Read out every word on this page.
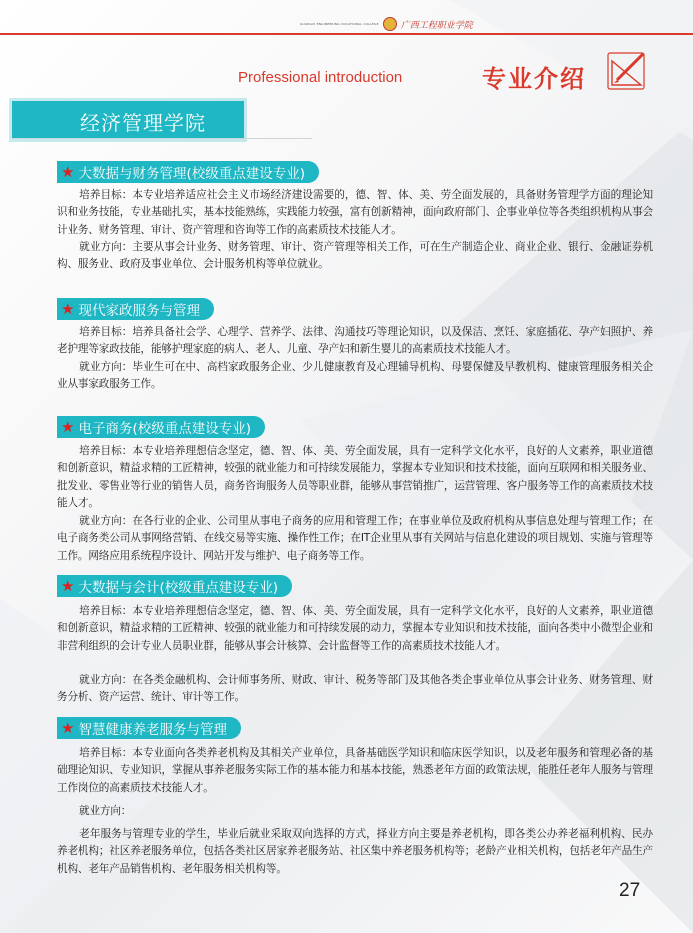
GUANGXI ENGINEERING VOCATIONAL COLLEGE 广西工程职业学院
Professional introduction	专业介绍
经济管理学院
★ 大数据与财务管理(校级重点建设专业)
培养目标：本专业培养适应社会主义市场经济建设需要的，德、智、体、美、劳全面发展的，具备财务管理学方面的理论知识和业务技能，专业基础扎实，基本技能熟练，实践能力较强，富有创新精神，面向政府部门、企事业单位等各类组织机构从事会计业务、财务管理、审计、资产管理和咨询等工作的高素质技术技能人才。
就业方向：主要从事会计业务、财务管理、审计、资产管理等相关工作，可在生产制造企业、商业企业、银行、金融证券机构、服务业、政府及事业单位、会计服务机构等单位就业。
★ 现代家政服务与管理
培养目标：培养具备社会学、心理学、营养学、法律、沟通技巧等理论知识，以及保洁、烹饪、家庭插花、孕产妇照护、养老护理等家政技能，能够护理家庭的病人、老人、儿童、孕产妇和新生婴儿的高素质技术技能人才。
就业方向：毕业生可在中、高档家政服务企业、少儿健康教育及心理辅导机构、母婴保健及早教机构、健康管理服务相关企业从事家政服务工作。
★ 电子商务(校级重点建设专业)
培养目标：本专业培养理想信念坚定，德、智、体、美、劳全面发展，具有一定科学文化水平，良好的人文素养，职业道德和创新意识，精益求精的工匠精神，较强的就业能力和可持续发展能力，掌握本专业知识和技术技能，面向互联网和相关服务业、批发业、零售业等行业的销售人员，商务咨询服务人员等职业群，能够从事营销推广，运营管理、客户服务等工作的高素质技术技能人才。
就业方向：在各行业的企业、公司里从事电子商务的应用和管理工作；在事业单位及政府机构从事信息处理与管理工作；在电子商务类公司从事网络营销、在线交易等实施、操作性工作；在IT企业里从事有关网站与信息化建设的项目规划、实施与管理等工作。网络应用系统程序设计、网站开发与维护、电子商务等工作。
★ 大数据与会计(校级重点建设专业)
培养目标：本专业培养理想信念坚定，德、智、体、美、劳全面发展，具有一定科学文化水平，良好的人文素养，职业道德和创新意识，精益求精的工匠精神、较强的就业能力和可持续发展的动力，掌握本专业知识和技术技能，面向各类中小微型企业和非营利组织的会计专业人员职业群，能够从事会计核算、会计监督等工作的高素质技术技能人才。
就业方向：在各类金融机构、会计师事务所、财政、审计、税务等部门及其他各类企事业单位从事会计业务、财务管理、财务分析、资产运营、统计、审计等工作。
★ 智慧健康养老服务与管理
培养目标：本专业面向各类养老机构及其相关产业单位，具备基础医学知识和临床医学知识，以及老年服务和管理必备的基础理论知识、专业知识，掌握从事养老服务实际工作的基本能力和基本技能，熟悉老年方面的政策法规，能胜任老年人服务与管理工作岗位的高素质技术技能人才。
就业方向：
老年服务与管理专业的学生，毕业后就业采取双向选择的方式，择业方向主要是养老机构，即各类公办养老福利机构、民办养老机构；社区养老服务单位，包括各类社区居家养老服务站、社区集中养老服务机构等；老龄产业相关机构，包括老年产品生产机构、老年产品销售机构、老年服务相关机构等。
27
